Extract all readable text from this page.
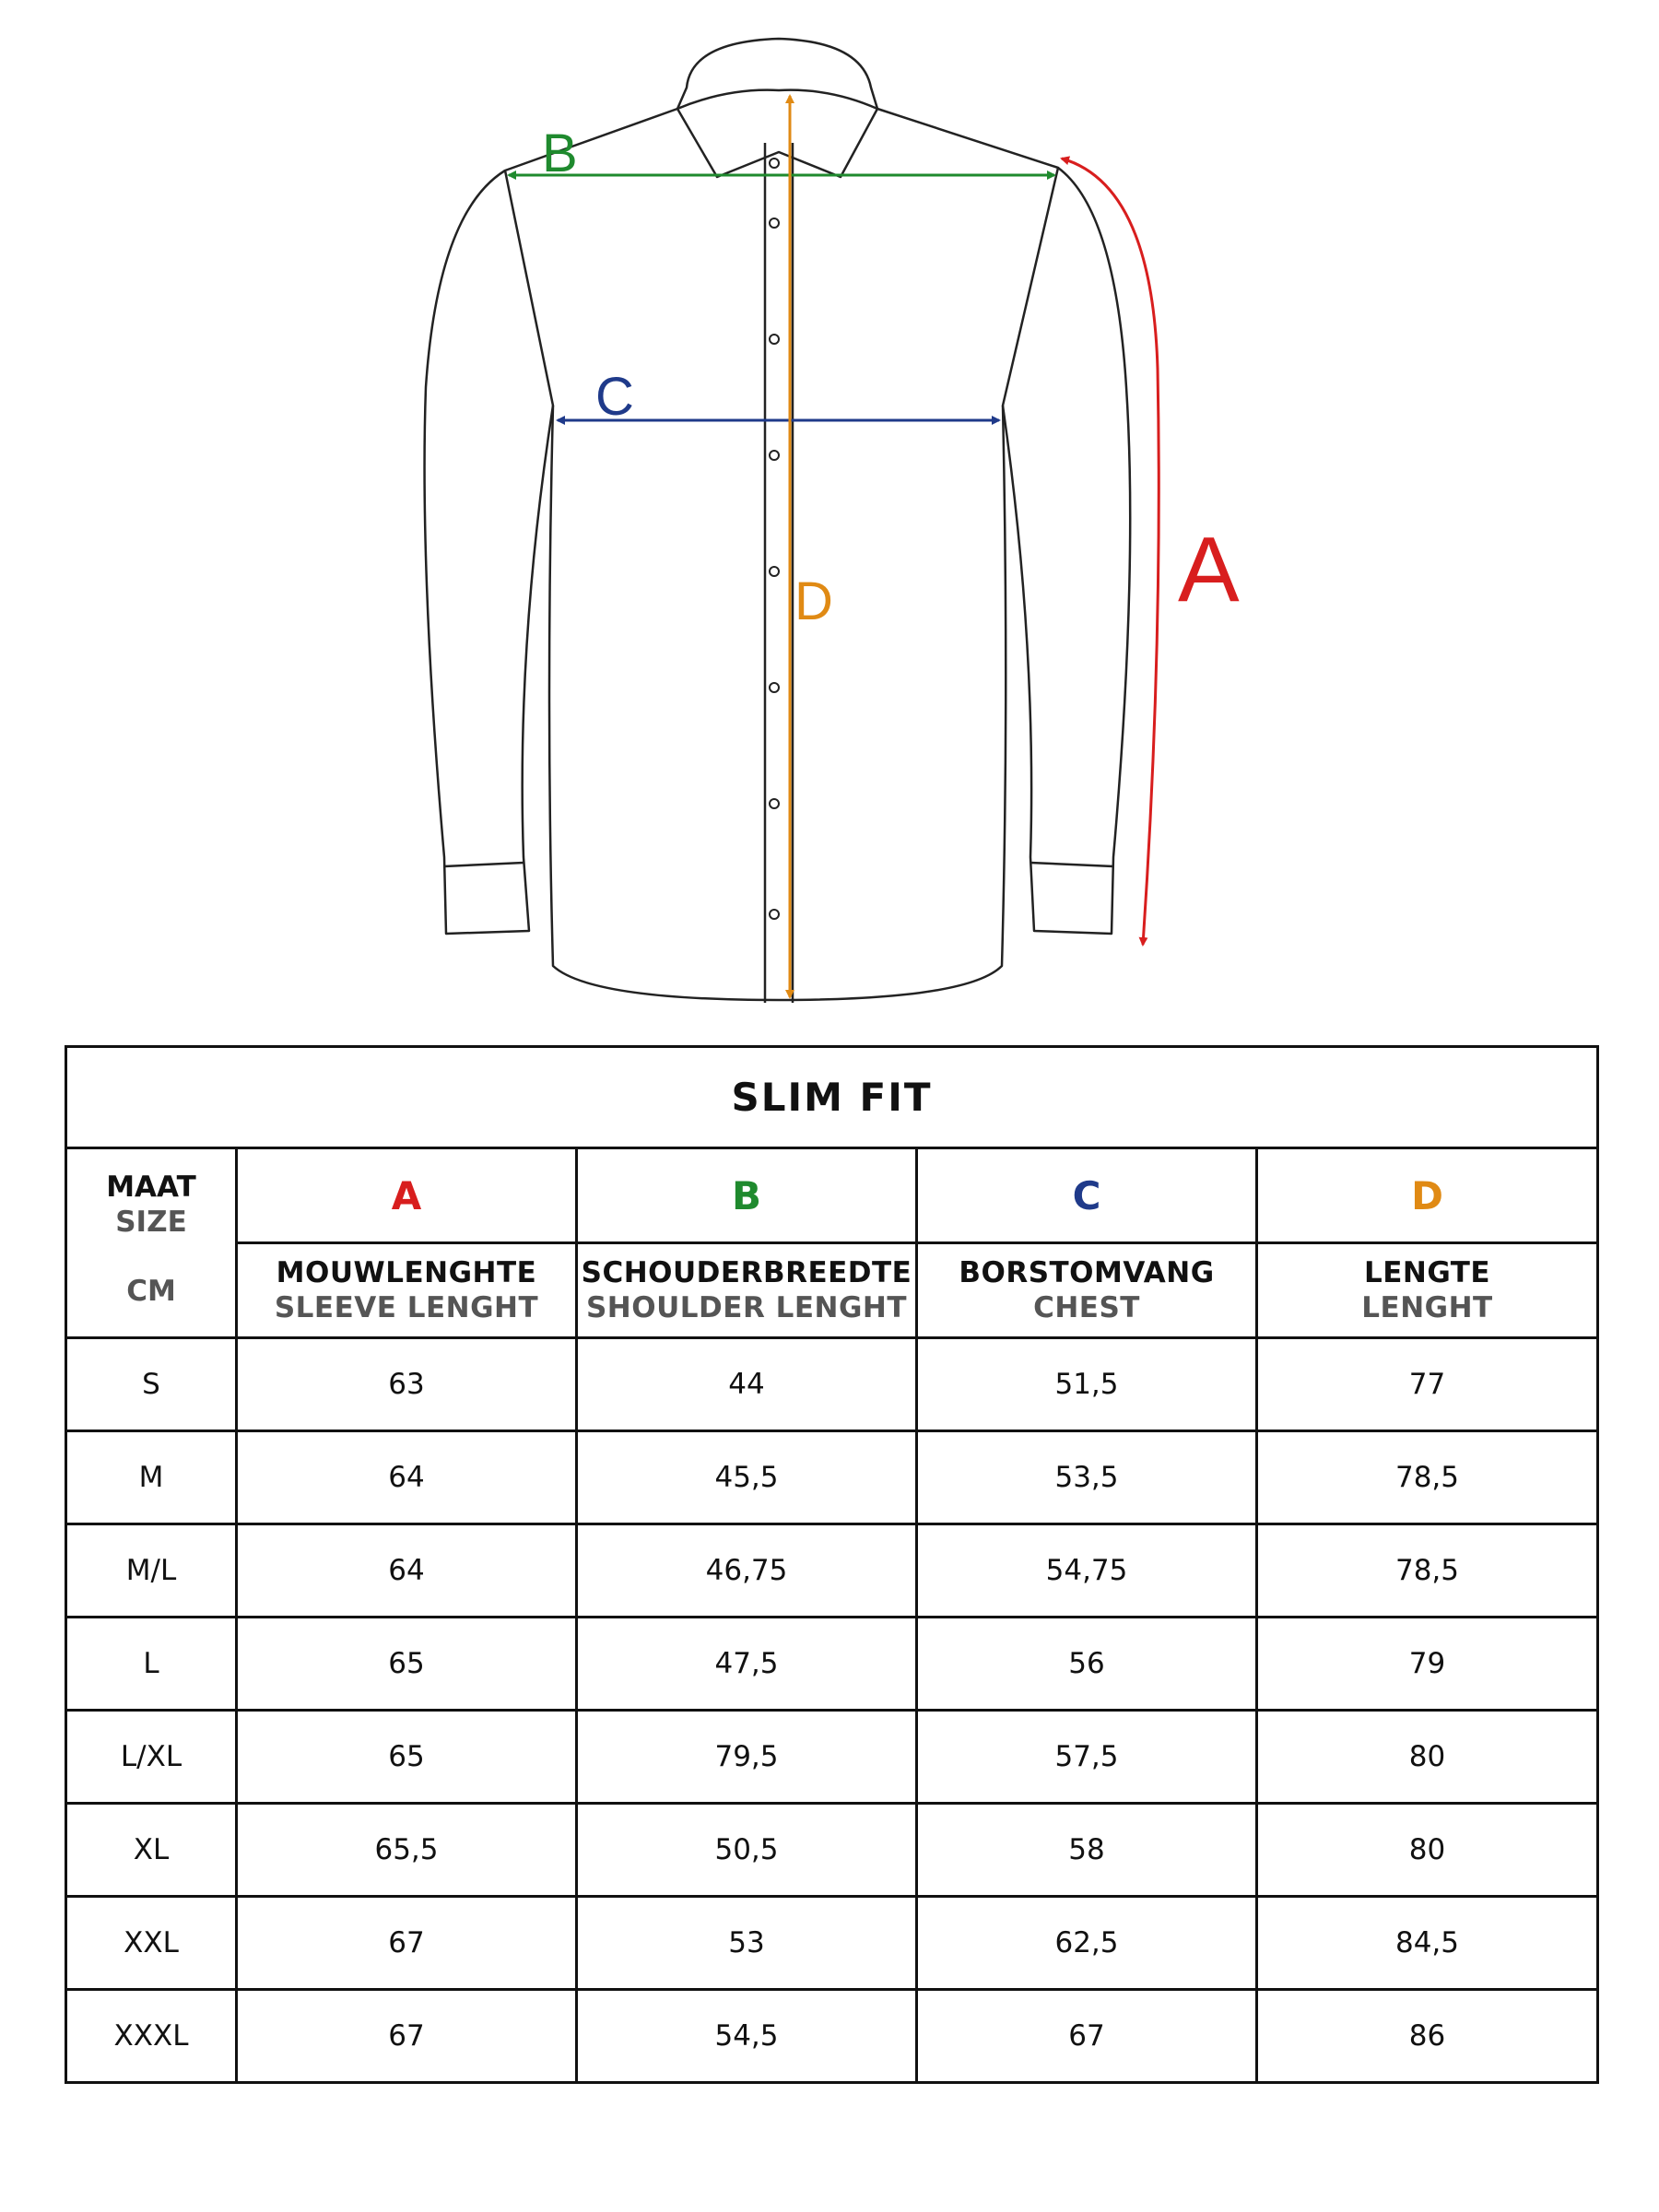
B
C
D	A
SLIM FIT				

MAAT
SIZE
CM	A	B	C	D

	MOUWLENGHTE
SLEEVE LENGHT	SCHOUDERBREEDTE
SHOULDER LENGHT	BORSTOMVANG
CHEST	LENGTE
LENGHT

S	63	44	51,5	77
M	64	45,5	53,5	78,5
M/L	64	46,75	54,75	78,5
L	65	47,5	56	79
L/XL	65	79,5	57,5	80
XL	65,5	50,5	58	80
XXL	67	53	62,5	84,5
XXXL	67	54,5	67	86
